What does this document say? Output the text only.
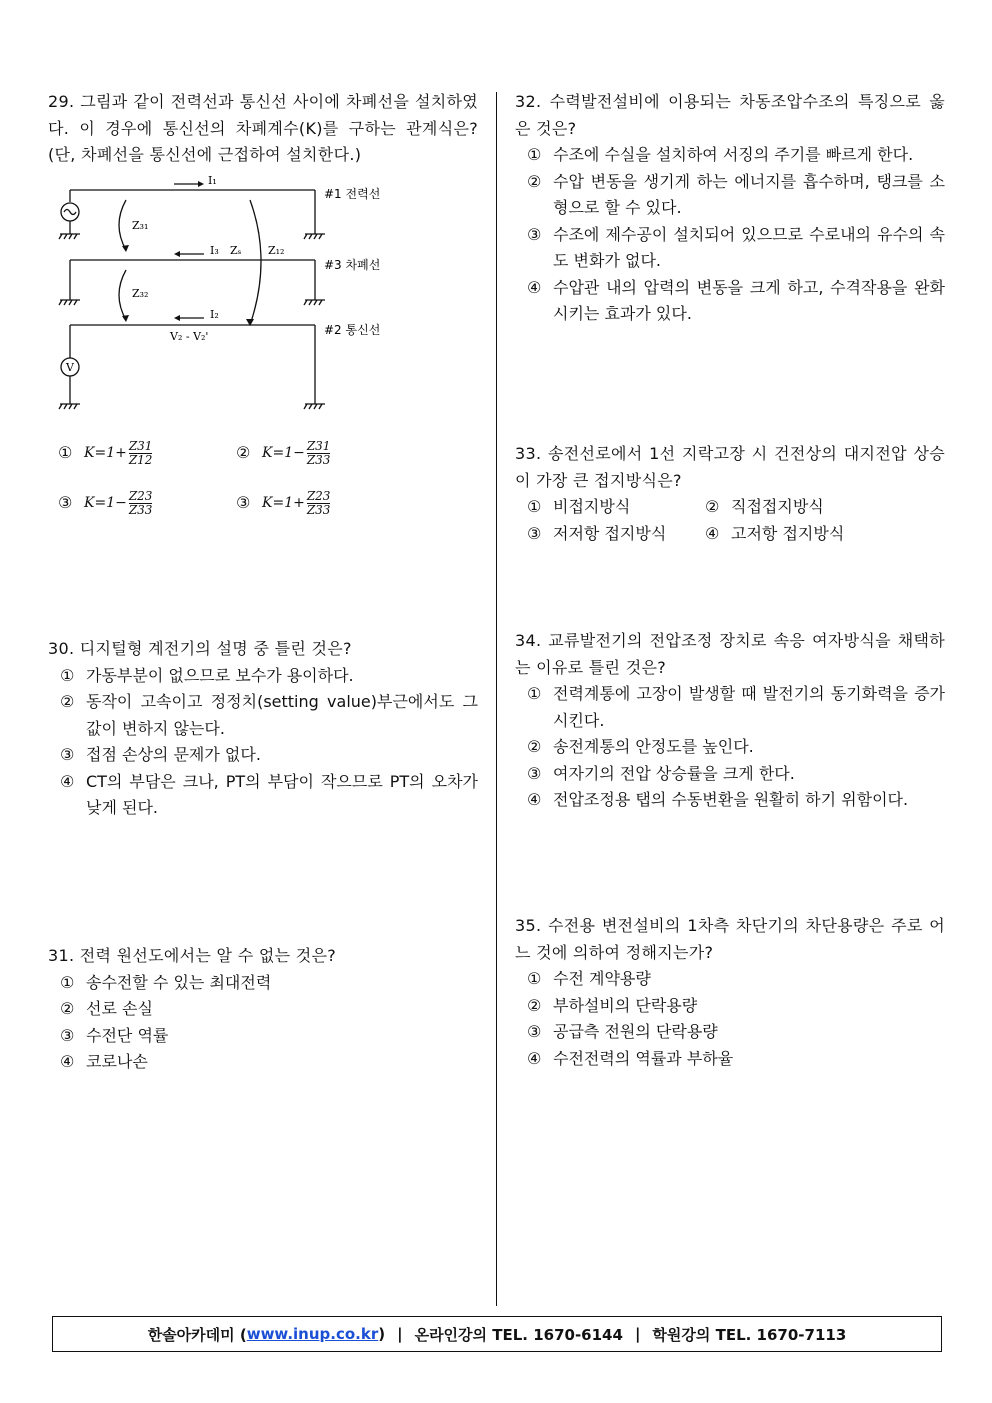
29. 그림과 같이 전력선과 통신선 사이에 차폐선을 설치하였다. 이 경우에 통신선의 차폐계수(K)를 구하는 관계식은? (단, 차폐선을 통신선에 근접하여 설치한다.)

I₁
I₃
I₂
Z₃₁
Z₃₂
Zₛ Z₁₂
V₂ - V₂'
V
#1 전력선
#3 차폐선
#2 통신선
① $K=1+ \frac{Z31}{Z12}$	② $K=1- \frac{Z31}{Z33}$
③ $K=1- \frac{Z23}{Z33}$	③ $K=1+ \frac{Z23}{Z33}$

30. 디지털형 계전기의 설명 중 틀린 것은?

① 가동부분이 없으므로 보수가 용이하다.
② 동작이 고속이고 정정치(setting value)부근에서도 그 값이 변하지 않는다.
③ 접점 손상의 문제가 없다.
④ CT의 부담은 크나, PT의 부담이 작으므로 PT의 오차가 낮게 된다.

31. 전력 원선도에서는 알 수 없는 것은?

① 송수전할 수 있는 최대전력
② 선로 손실
③ 수전단 역률
④ 코로나손

32. 수력발전설비에 이용되는 차동조압수조의 특징으로 옳은 것은?

① 수조에 수실을 설치하여 서징의 주기를 빠르게 한다.
② 수압 변동을 생기게 하는 에너지를 흡수하며, 탱크를 소형으로 할 수 있다.
③ 수조에 제수공이 설치되어 있으므로 수로내의 유수의 속도 변화가 없다.
④ 수압관 내의 압력의 변동을 크게 하고, 수격작용을 완화시키는 효과가 있다.

33. 송전선로에서 1선 지락고장 시 건전상의 대지전압 상승이 가장 큰 접지방식은?

① 비접지방식	② 직접접지방식
③ 저저항 접지방식 ④ 고저항 접지방식

34. 교류발전기의 전압조정 장치로 속응 여자방식을 채택하는 이유로 틀린 것은?

① 전력계통에 고장이 발생할 때 발전기의 동기화력을 증가시킨다.
② 송전계통의 안정도를 높인다.
③ 여자기의 전압 상승률을 크게 한다.
④ 전압조정용 탭의 수동변환을 원활히 하기 위함이다.

35. 수전용 변전설비의 1차측 차단기의 차단용량은 주로 어느 것에 의하여 정해지는가?

① 수전 계약용량
② 부하설비의 단락용량
③ 공급측 전원의 단락용량
④ 수전전력의 역률과 부하율
한솔아카데미 ( www.inup.co.kr ) | 온라인강의 TEL. 1670-6144 | 학원강의 TEL. 1670-7113
